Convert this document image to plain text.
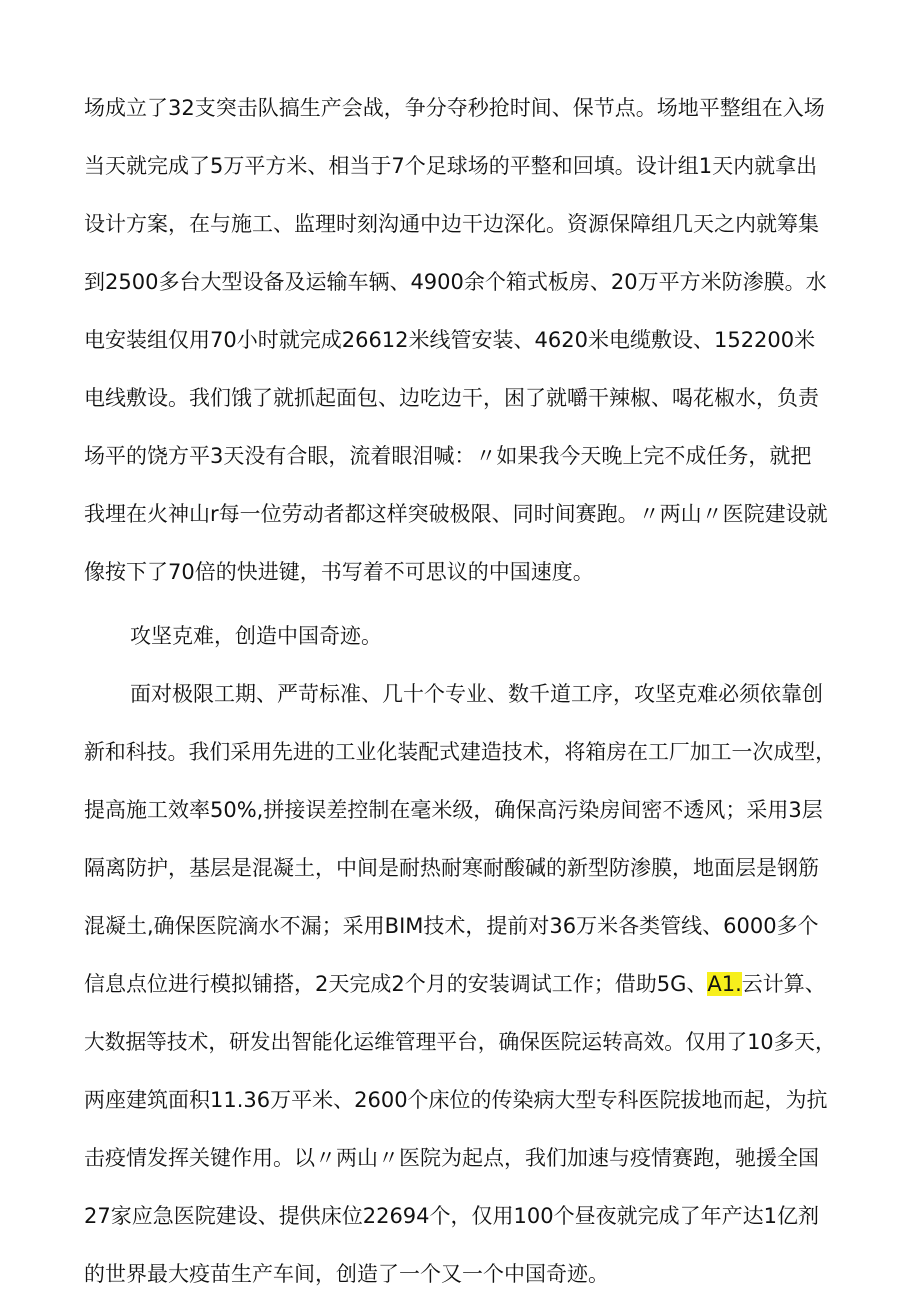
场成立了32支突击队搞生产会战，争分夺秒抢时间、保节点。场地平整组在入场
当天就完成了5万平方米、相当于7个足球场的平整和回填。设计组1天内就拿出
设计方案，在与施工、监理时刻沟通中边干边深化。资源保障组几天之内就筹集
到2500多台大型设备及运输车辆、4900余个箱式板房、20万平方米防渗膜。水
电安装组仅用70小时就完成26612米线管安装、4620米电缆敷设、152200米
电线敷设。我们饿了就抓起面包、边吃边干，困了就嚼干辣椒、喝花椒水，负责
场平的饶方平3天没有合眼，流着眼泪喊：〃如果我今天晚上完不成任务，就把
我埋在火神山r每一位劳动者都这样突破极限、同时间赛跑。〃两山〃医院建设就
像按下了70倍的快进键，书写着不可思议的中国速度。
攻坚克难，创造中国奇迹。
面对极限工期、严苛标准、几十个专业、数千道工序，攻坚克难必须依靠创
新和科技。我们采用先进的工业化装配式建造技术，将箱房在工厂加工一次成型，
提高施工效率50%,拼接误差控制在毫米级，确保高污染房间密不透风；采用3层
隔离防护，基层是混凝土，中间是耐热耐寒耐酸碱的新型防渗膜，地面层是钢筋
混凝土,确保医院滴水不漏；采用BIM技术，提前对36万米各类管线、6000多个
信息点位进行模拟铺搭，2天完成2个月的安装调试工作；借助5G、A1.云计算、
大数据等技术，研发出智能化运维管理平台，确保医院运转高效。仅用了10多天，
两座建筑面积11.36万平米、2600个床位的传染病大型专科医院拔地而起，为抗
击疫情发挥关键作用。以〃两山〃医院为起点，我们加速与疫情赛跑，驰援全国
27家应急医院建设、提供床位22694个，仅用100个昼夜就完成了年产达1亿剂
的世界最大疫苗生产车间，创造了一个又一个中国奇迹。
